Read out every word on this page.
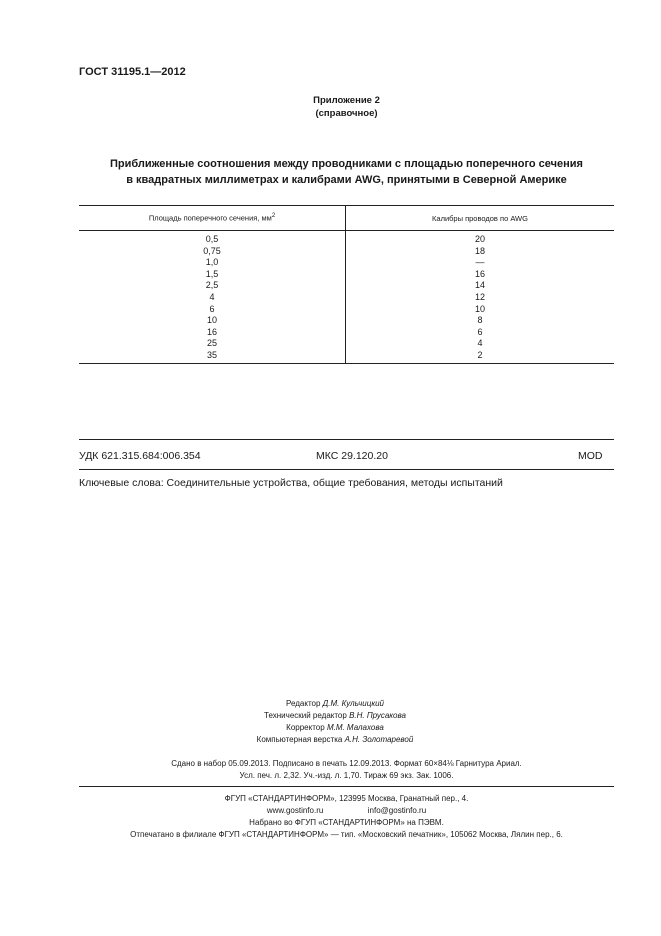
ГОСТ 31195.1—2012
Приложение 2
(справочное)
Приближенные соотношения между проводниками с площадью поперечного сечения
в квадратных миллиметрах и калибрами AWG, принятыми в Северной Америке
Площадь поперечного сечения, $мм^2$	Калибры проводов по AWG
0,5	20
0,75	18
1,0	—
1,5	16
2,5	14
4	12
6	10
10	8
16	6
25	4
35	2
УДК 621.315.684:006.354	МКС 29.120.20	MOD
Ключевые слова: Соединительные устройства, общие требования, методы испытаний
Редактор Д.М. Кульчицкий
Технический редактор В.Н. Прусакова
Корректор М.М. Малахова
Компьютерная верстка А.Н. Золотаревой
Сдано в набор 05.09.2013. Подписано в печать 12.09.2013. Формат 60×84⅛ Гарнитура Ариал.
Усл. печ. л. 2,32. Уч.-изд. л. 1,70. Тираж 69 экз. Зак. 1006.
ФГУП «СТАНДАРТИНФОРМ», 123995 Москва, Гранатный пер., 4.
www.gostinfo.ru	info@gostinfo.ru
Набрано во ФГУП «СТАНДАРТИНФОРМ» на ПЭВМ.
Отпечатано в филиале ФГУП «СТАНДАРТИНФОРМ» — тип. «Московский печатник», 105062 Москва, Лялин пер., 6.
